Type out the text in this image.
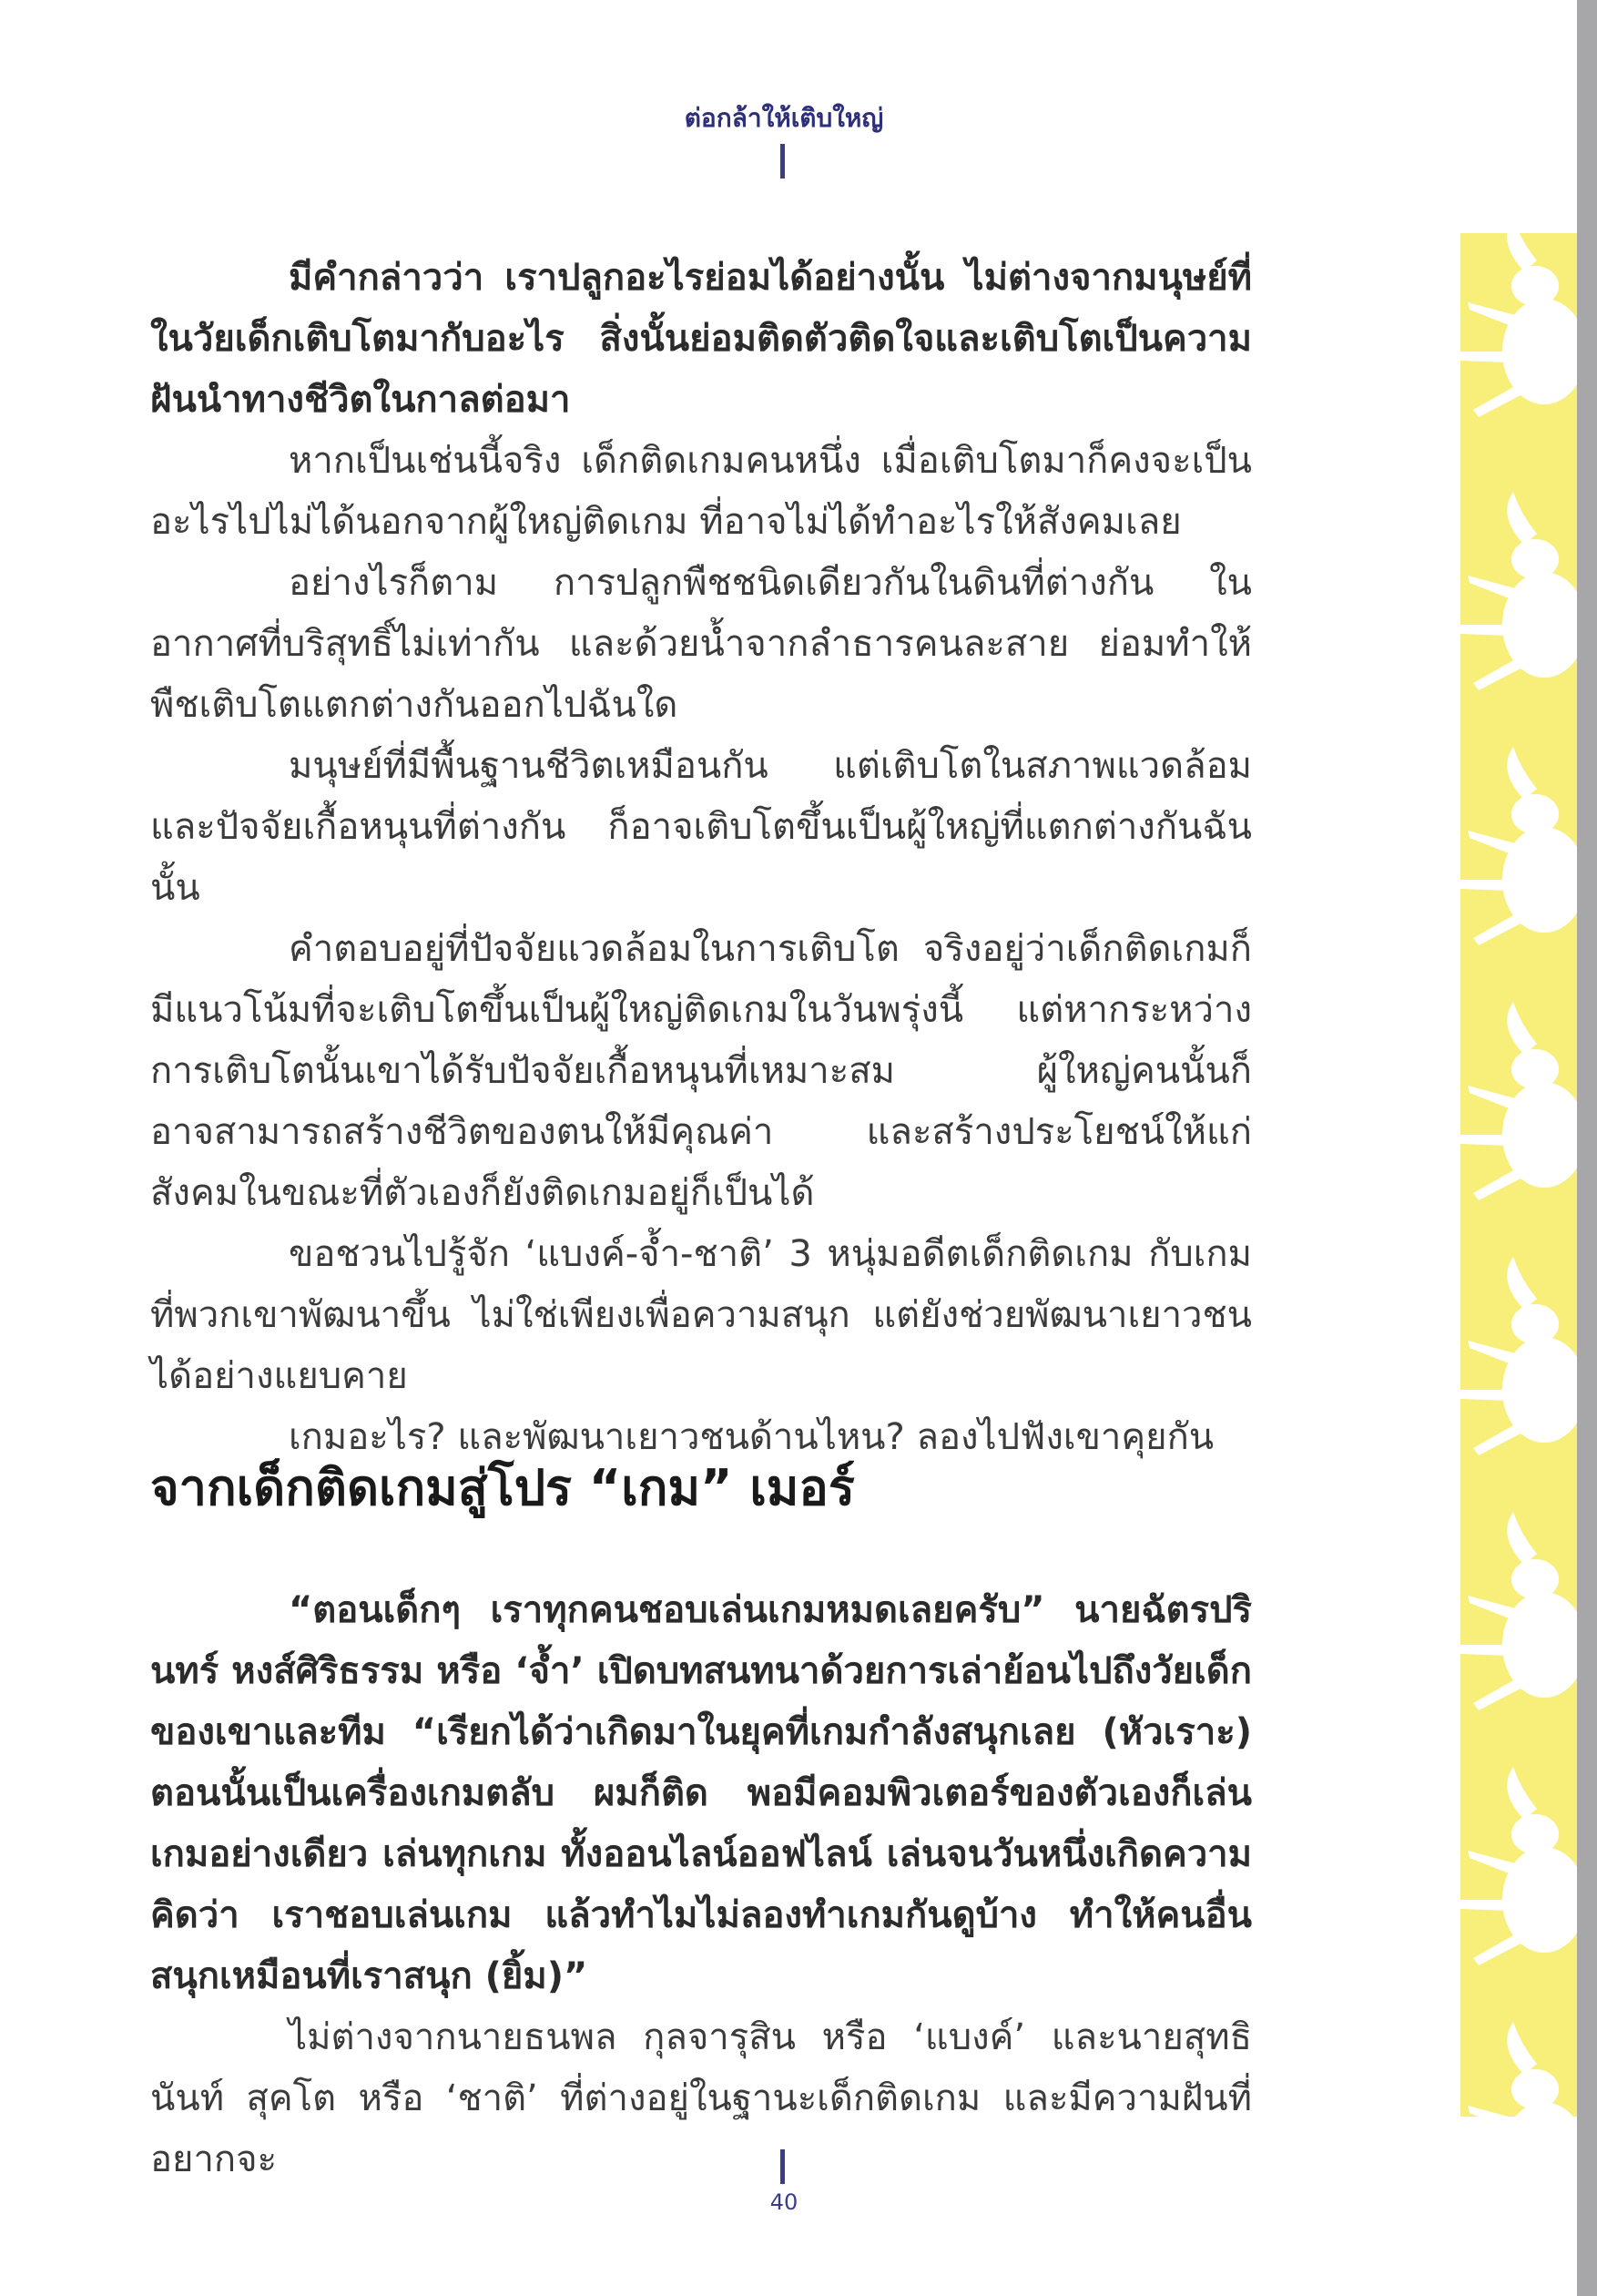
ต่อกล้าให้เติบใหญ่

มีคำกล่าวว่า เราปลูกอะไรย่อมได้อย่างนั้น ไม่ต่างจากมนุษย์ที่ในวัยเด็กเติบโตมากับอะไร สิ่งนั้นย่อมติดตัวติดใจและเติบโตเป็นความฝันนำทางชีวิตในกาลต่อมา

หากเป็นเช่นนี้จริง เด็กติดเกมคนหนึ่ง เมื่อเติบโตมาก็คงจะเป็นอะไรไปไม่ได้นอกจากผู้ใหญ่ติดเกม ที่อาจไม่ได้ทำอะไรให้สังคมเลย

อย่างไรก็ตาม การปลูกพืชชนิดเดียวกันในดินที่ต่างกัน ในอากาศที่บริสุทธิ์ไม่เท่ากัน และด้วยน้ำจากลำธารคนละสาย ย่อมทำให้พืชเติบโตแตกต่างกันออกไปฉันใด

มนุษย์ที่มีพื้นฐานชีวิตเหมือนกัน แต่เติบโตในสภาพแวดล้อมและปัจจัยเกื้อหนุนที่ต่างกัน ก็อาจเติบโตขึ้นเป็นผู้ใหญ่ที่แตกต่างกันฉันนั้น

คำตอบอยู่ที่ปัจจัยแวดล้อมในการเติบโต จริงอยู่ว่าเด็กติดเกมก็มีแนวโน้มที่จะเติบโตขึ้นเป็นผู้ใหญ่ติดเกมในวันพรุ่งนี้ แต่หากระหว่างการเติบโตนั้นเขาได้รับปัจจัยเกื้อหนุนที่เหมาะสม ผู้ใหญ่คนนั้นก็อาจสามารถสร้างชีวิตของตนให้มีคุณค่า และสร้างประโยชน์ให้แก่สังคมในขณะที่ตัวเองก็ยังติดเกมอยู่ก็เป็นได้

ขอชวนไปรู้จัก ‘แบงค์-จ้ำ-ชาติ’ 3 หนุ่มอดีตเด็กติดเกม กับเกมที่พวกเขาพัฒนาขึ้น ไม่ใช่เพียงเพื่อความสนุก แต่ยังช่วยพัฒนาเยาวชนได้อย่างแยบคาย

เกมอะไร? และพัฒนาเยาวชนด้านไหน? ลองไปฟังเขาคุยกัน

จากเด็กติดเกมสู่โปร “เกม” เมอร์

“ตอนเด็กๆ เราทุกคนชอบเล่นเกมหมดเลยครับ” นายฉัตรปรินทร์ หงส์ศิริธรรม หรือ ‘จ้ำ’ เปิดบทสนทนาด้วยการเล่าย้อนไปถึงวัยเด็กของเขาและทีม “เรียกได้ว่าเกิดมาในยุคที่เกมกำลังสนุกเลย (หัวเราะ) ตอนนั้นเป็นเครื่องเกมตลับ ผมก็ติด พอมีคอมพิวเตอร์ของตัวเองก็เล่นเกมอย่างเดียว เล่นทุกเกม ทั้งออนไลน์ออฟไลน์ เล่นจนวันหนึ่งเกิดความคิดว่า เราชอบเล่นเกม แล้วทำไมไม่ลองทำเกมกันดูบ้าง ทำให้คนอื่นสนุกเหมือนที่เราสนุก (ยิ้ม)”

ไม่ต่างจากนายธนพล กุลจารุสิน หรือ ‘แบงค์’ และนายสุทธินันท์ สุคโต หรือ ‘ชาติ’ ที่ต่างอยู่ในฐานะเด็กติดเกม และมีความฝันที่อยากจะ

40
